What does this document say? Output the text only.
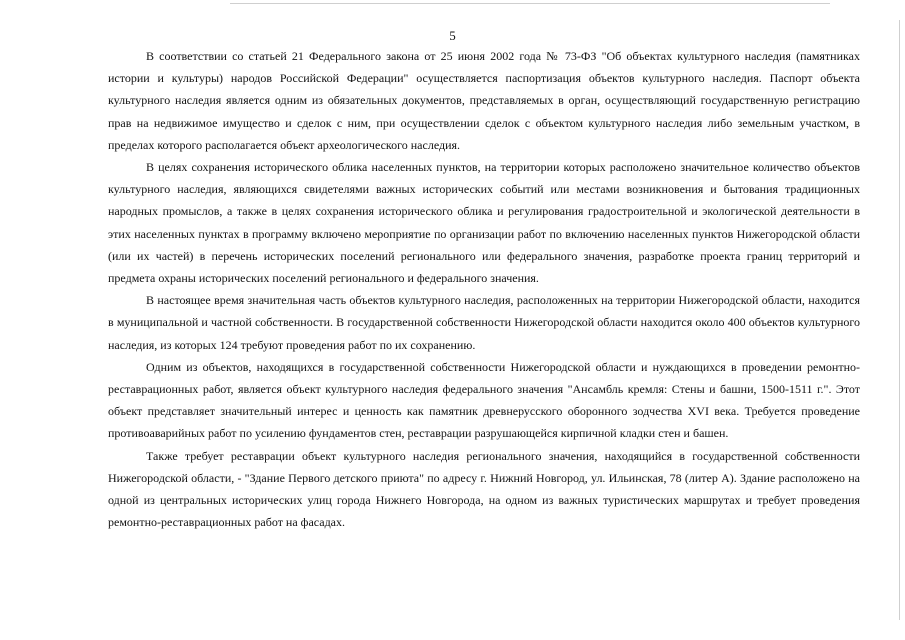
5

В соответствии со статьей 21 Федерального закона от 25 июня 2002 года № 73-ФЗ "Об объектах культурного наследия (памятниках истории и культуры) народов Российской Федерации" осуществляется паспортизация объектов культурного наследия. Паспорт объекта культурного наследия является одним из обязательных документов, представляемых в орган, осуществляющий государственную регистрацию прав на недвижимое имущество и сделок с ним, при осуществлении сделок с объектом культурного наследия либо земельным участком, в пределах которого располагается объект археологического наследия.

В целях сохранения исторического облика населенных пунктов, на территории которых расположено значительное количество объектов культурного наследия, являющихся свидетелями важных исторических событий или местами возникновения и бытования традиционных народных промыслов, а также в целях сохранения исторического облика и регулирования градостроительной и экологической деятельности в этих населенных пунктах в программу включено мероприятие по организации работ по включению населенных пунктов Нижегородской области (или их частей) в перечень исторических поселений регионального или федерального значения, разработке проекта границ территорий и предмета охраны исторических поселений регионального и федерального значения.

В настоящее время значительная часть объектов культурного наследия, расположенных на территории Нижегородской области, находится в муниципальной и частной собственности. В государственной собственности Нижегородской области находится около 400 объектов культурного наследия, из которых 124 требуют проведения работ по их сохранению.

Одним из объектов, находящихся в государственной собственности Нижегородской области и нуждающихся в проведении ремонтно-реставрационных работ, является объект культурного наследия федерального значения "Ансамбль кремля: Стены и башни, 1500-1511 г.". Этот объект представляет значительный интерес и ценность как памятник древнерусского оборонного зодчества XVI века. Требуется проведение противоаварийных работ по усилению фундаментов стен, реставрации разрушающейся кирпичной кладки стен и башен.

Также требует реставрации объект культурного наследия регионального значения, находящийся в государственной собственности Нижегородской области, - "Здание Первого детского приюта" по адресу г. Нижний Новгород, ул. Ильинская, 78 (литер А). Здание расположено на одной из центральных исторических улиц города Нижнего Новгорода, на одном из важных туристических маршрутах и требует проведения ремонтно-реставрационных работ на фасадах.
